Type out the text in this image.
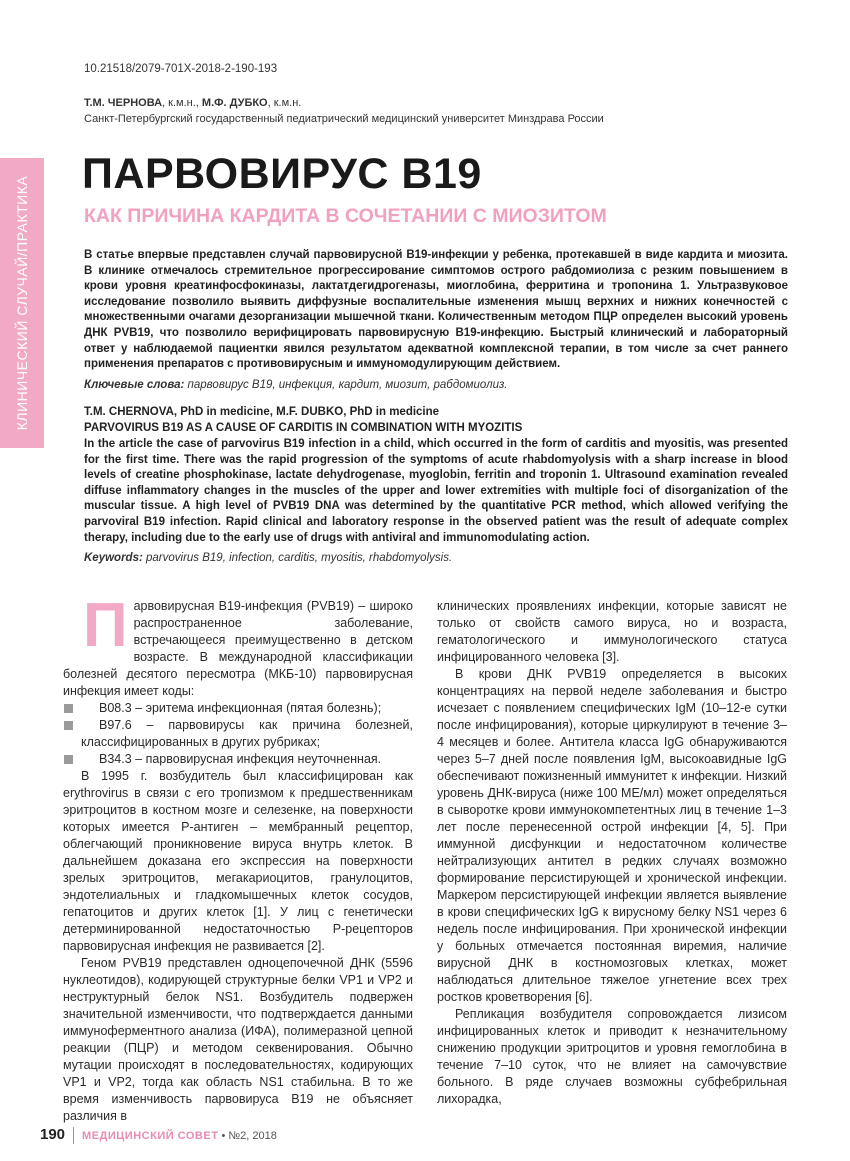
КЛИНИЧЕСКИЙ СЛУЧАЙ/ПРАКТИКА
10.21518/2079-701X-2018-2-190-193
Т.М. ЧЕРНОВА, к.м.н., М.Ф. ДУБКО, к.м.н.
Санкт-Петербургский государственный педиатрический медицинский университет Минздрава России
ПАРВОВИРУС В19
КАК ПРИЧИНА КАРДИТА В СОЧЕТАНИИ С МИОЗИТОМ

В статье впервые представлен случай парвовирусной В19-инфекции у ребенка, протекавшей в виде кардита и миозита. В клинике отмечалось стремительное прогрессирование симптомов острого рабдомиолиза с резким повышением в крови уровня креатинфосфокиназы, лактатдегидрогеназы, миоглобина, ферритина и тропонина 1. Ультразвуковое исследование позволило выявить диффузные воспалительные изменения мышц верхних и нижних конечностей с множественными очагами дезорганизации мышечной ткани. Количественным методом ПЦР определен высокий уровень ДНК PVB19, что позволило верифицировать парвовирусную В19-инфекцию. Быстрый клинический и лабораторный ответ у наблюдаемой пациентки явился результатом адекватной комплексной терапии, в том числе за счет раннего применения препаратов с противовирусным и иммуномодулирующим действием.

Ключевые слова: парвовирус В19, инфекция, кардит, миозит, рабдомиолиз.
T.M. CHERNOVA, PhD in medicine, M.F. DUBKO, PhD in medicine
PARVOVIRUS B19 AS A CAUSE OF CARDITIS IN COMBINATION WITH MYOZITIS

In the article the case of parvovirus B19 infection in a child, which occurred in the form of carditis and myositis, was presented for the first time. There was the rapid progression of the symptoms of acute rhabdomyolysis with a sharp increase in blood levels of creatine phosphokinase, lactate dehydrogenase, myoglobin, ferritin and troponin 1. Ultrasound examination revealed diffuse inflammatory changes in the muscles of the upper and lower extremities with multiple foci of disorganization of the muscular tissue. A high level of PVB19 DNA was determined by the quantitative PCR method, which allowed verifying the parvoviral B19 infection. Rapid clinical and laboratory response in the observed patient was the result of adequate complex therapy, including due to the early use of drugs with antiviral and immunomodulating action.

Keywords: parvovirus B19, infection, carditis, myositis, rhabdomyolysis.

Парвовирусная В19-инфекция (PVB19) – широко распространенное заболевание, встречающееся преимущественно в детском возрасте. В международной классификации болезней десятого пересмотра (МКБ-10) парвовирусная инфекция имеет коды:

В08.3 – эритема инфекционная (пятая болезнь);

В97.6 – парвовирусы как причина болезней, классифицированных в других рубриках;

В34.3 – парвовирусная инфекция неуточненная.

В 1995 г. возбудитель был классифицирован как erythrovirus в связи с его тропизмом к предшественникам эритроцитов в костном мозге и селезенке, на поверхности которых имеется Р-антиген – мембранный рецептор, облегчающий проникновение вируса внутрь клеток. В дальнейшем доказана его экспрессия на поверхности зрелых эритроцитов, мегакариоцитов, гранулоцитов, эндотелиальных и гладкомышечных клеток сосудов, гепатоцитов и других клеток [1]. У лиц с генетически детерминированной недостаточностью Р-рецепторов парвовирусная инфекция не развивается [2].

Геном PVB19 представлен одноцепочечной ДНК (5596 нуклеотидов), кодирующей структурные белки VP1 и VP2 и неструктурный белок NS1. Возбудитель подвержен значительной изменчивости, что подтверждается данными иммуноферментного анализа (ИФА), полимеразной цепной реакции (ПЦР) и методом секвенирования. Обычно мутации происходят в последовательностях, кодирующих VP1 и VP2, тогда как область NS1 стабильна. В то же время изменчивость парвовируса В19 не объясняет различия в

клинических проявлениях инфекции, которые зависят не только от свойств самого вируса, но и возраста, гематологического и иммунологического статуса инфицированного человека [3].

В крови ДНК PVB19 определяется в высоких концентрациях на первой неделе заболевания и быстро исчезает с появлением специфических IgM (10–12-е сутки после инфицирования), которые циркулируют в течение 3–4 месяцев и более. Антитела класса IgG обнаруживаются через 5–7 дней после появления IgM, высокоавидные IgG обеспечивают пожизненный иммунитет к инфекции. Низкий уровень ДНК-вируса (ниже 100 МЕ/мл) может определяться в сыворотке крови иммунокомпетентных лиц в течение 1–3 лет после перенесенной острой инфекции [4, 5]. При иммунной дисфункции и недостаточном количестве нейтрализующих антител в редких случаях возможно формирование персистирующей и хронической инфекции. Маркером персистирующей инфекции является выявление в крови специфических IgG к вирусному белку NS1 через 6 недель после инфицирования. При хронической инфекции у больных отмечается постоянная виремия, наличие вирусной ДНК в костномозговых клетках, может наблюдаться длительное тяжелое угнетение всех трех ростков кроветворения [6].

Репликация возбудителя сопровождается лизисом инфицированных клеток и приводит к незначительному снижению продукции эритроцитов и уровня гемоглобина в течение 7–10 суток, что не влияет на самочувствие больного. В ряде случаев возможны субфебрильная лихорадка,

190 МЕДИЦИНСКИЙ СОВЕТ • №2, 2018
